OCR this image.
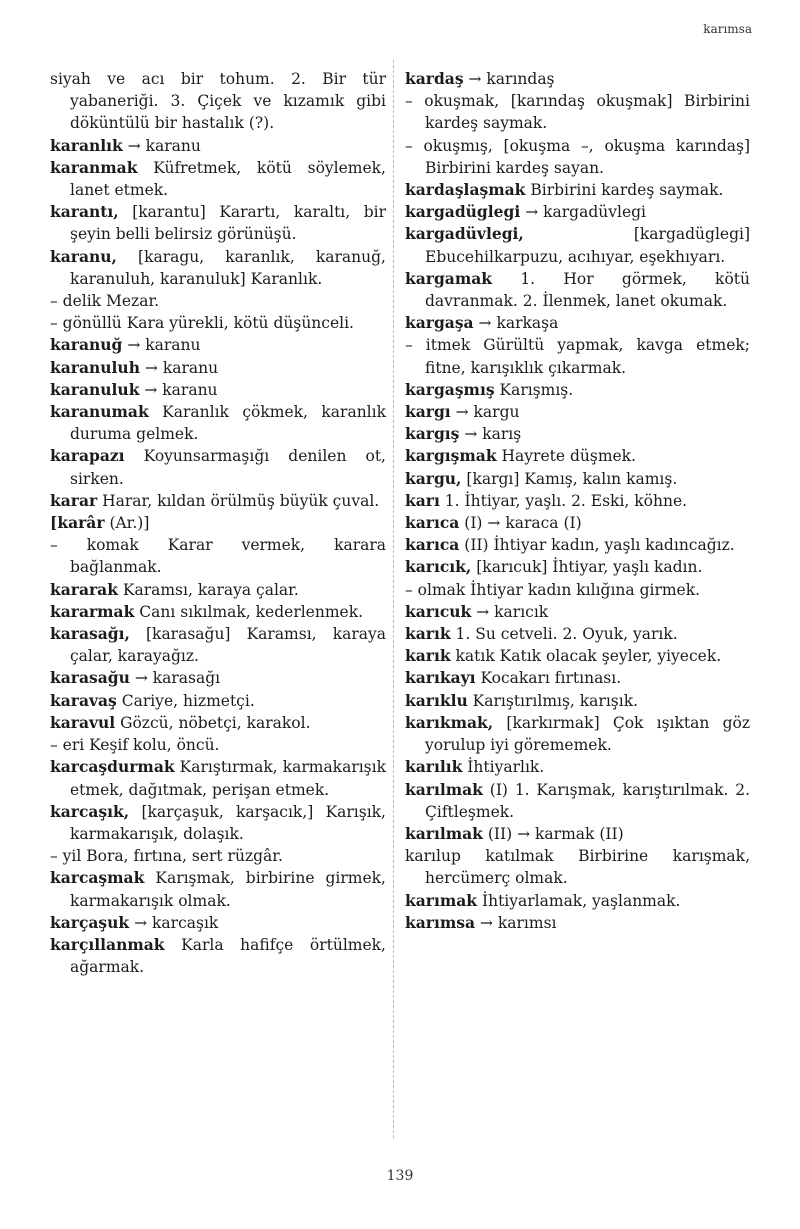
karımsa

siyah ve acı bir tohum. 2. Bir tür yabaneriği. 3. Çiçek ve kızamık gibi döküntülü bir hastalık (?).

karanlık → karanu

karanmak Küfretmek, kötü söylemek, lanet etmek.

karantı, [karantu] Karartı, karaltı, bir şeyin belli belirsiz görünüşü.

karanu, [karagu, karanlık, karanuğ, karanuluh, karanuluk] Karanlık.

– delik Mezar.

– gönüllü Kara yürekli, kötü düşünceli.

karanuğ → karanu

karanuluh → karanu

karanuluk → karanu

karanumak Karanlık çökmek, karanlık duruma gelmek.

karapazı Koyunsarmaşığı denilen ot, sirken.

karar Harar, kıldan örülmüş büyük çuval.

[karâr (Ar.)]

– komak Karar vermek, karara bağlanmak.

kararak Karamsı, karaya çalar.

kararmak Canı sıkılmak, kederlenmek.

karasağı, [karasağu] Karamsı, karaya çalar, karayağız.

karasağu → karasağı

karavaş Cariye, hizmetçi.

karavul Gözcü, nöbetçi, karakol.

– eri Keşif kolu, öncü.

karcaşdurmak Karıştırmak, karmakarışık etmek, dağıtmak, perişan etmek.

karcaşık, [karçaşuk, karşacık,] Karışık, karmakarışık, dolaşık.

– yil Bora, fırtına, sert rüzgâr.

karcaşmak Karışmak, birbirine girmek, karmakarışık olmak.

karçaşuk → karcaşık

karçıllanmak Karla hafifçe örtülmek, ağarmak.

kardaş → karındaş

– okuşmak, [karındaş okuşmak] Birbirini kardeş saymak.

– okuşmış, [okuşma –, okuşma karındaş] Birbirini kardeş sayan.

kardaşlaşmak Birbirini kardeş saymak.

kargadüglegi → kargadüvlegi

kargadüvlegi,	[kargadüglegi] Ebucehilkarpuzu, acıhıyar, eşekhıyarı.

kargamak 1. Hor görmek, kötü davranmak. 2. İlenmek, lanet okumak.

kargaşa → karkaşa

– itmek Gürültü yapmak, kavga etmek; fitne, karışıklık çıkarmak.

kargaşmış Karışmış.

kargı → kargu

kargış → karış

kargışmak Hayrete düşmek.

kargu, [kargı] Kamış, kalın kamış.

karı 1. İhtiyar, yaşlı. 2. Eski, köhne.

karıca (I) → karaca (I)

karıca (II) İhtiyar kadın, yaşlı kadıncağız.

karıcık, [karıcuk] İhtiyar, yaşlı kadın.

– olmak İhtiyar kadın kılığına girmek.

karıcuk → karıcık

karık 1. Su cetveli. 2. Oyuk, yarık.

karık katık Katık olacak şeyler, yiyecek.

karıkayı Kocakarı fırtınası.

karıklu Karıştırılmış, karışık.

karıkmak, [karkırmak] Çok ışıktan göz yorulup iyi görememek.

karılık İhtiyarlık.

karılmak (I) 1. Karışmak, karıştırılmak. 2. Çiftleşmek.

karılmak (II) → karmak (II)

karılup katılmak Birbirine karışmak, hercümerç olmak.

karımak İhtiyarlamak, yaşlanmak.

karımsa → karımsı

139
